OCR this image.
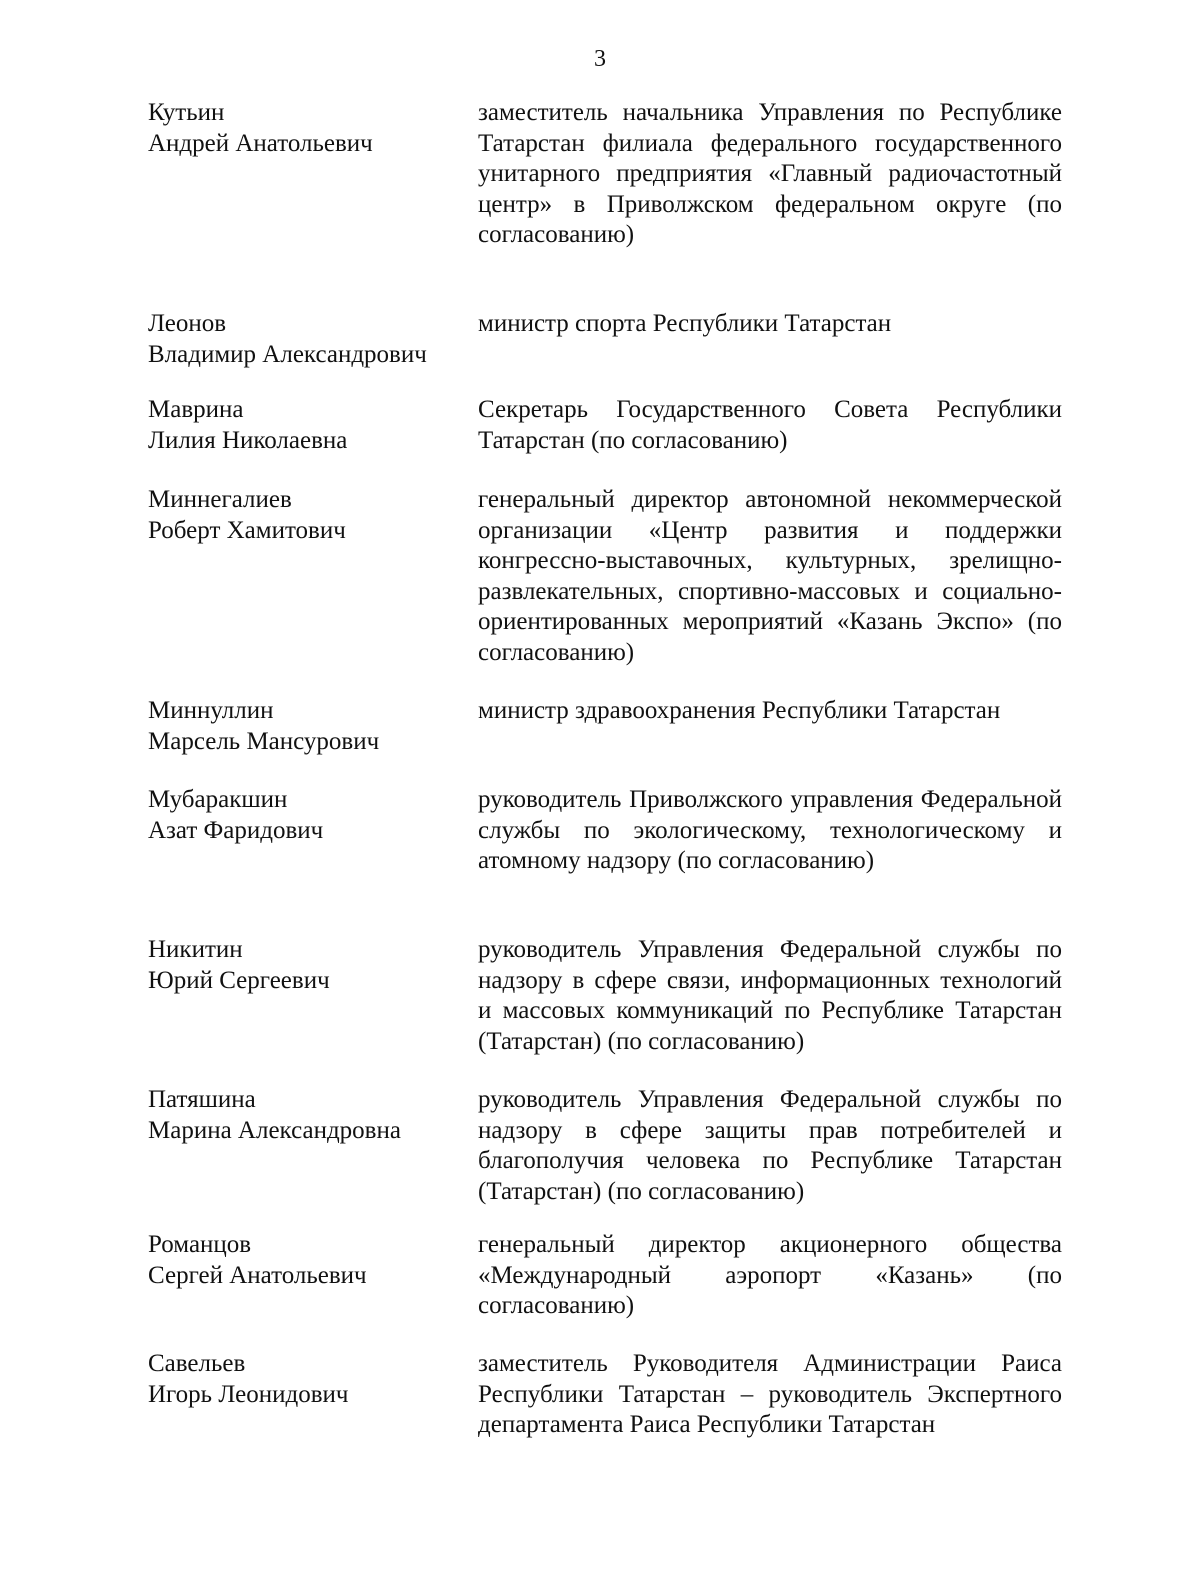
3
Кутьин
Андрей Анатольевич
заместитель начальника Управления по Республике Татарстан филиала федерального государственного унитарного предприятия «Главный радиочастотный центр» в Приволжском федеральном округе (по согласованию)
Леонов
Владимир Александрович
министр спорта Республики Татарстан
Маврина
Лилия Николаевна
Секретарь Государственного Совета Республики Татарстан (по согласованию)
Миннегалиев
Роберт Хамитович
генеральный директор автономной некоммерческой организации «Центр развития и поддержки конгрессно-выставочных, культурных, зрелищно-развлекательных, спортивно-массовых и социально-ориентированных мероприятий «Казань Экспо» (по согласованию)
Миннуллин
Марсель Мансурович
министр здравоохранения Республики Татарстан
Мубаракшин
Азат Фаридович
руководитель Приволжского управления Федеральной службы по экологическому, технологическому и атомному надзору (по согласованию)
Никитин
Юрий Сергеевич
руководитель Управления Федеральной службы по надзору в сфере связи, информационных технологий и массовых коммуникаций по Республике Татарстан (Татарстан) (по согласованию)
Патяшина
Марина Александровна
руководитель Управления Федеральной службы по надзору в сфере защиты прав потребителей и благополучия человека по Республике Татарстан (Татарстан) (по согласованию)
Романцов
Сергей Анатольевич
генеральный директор акционерного общества «Международный аэропорт «Казань» (по согласованию)
Савельев
Игорь Леонидович
заместитель Руководителя Администрации Раиса Республики Татарстан – руководитель Экспертного департамента Раиса Республики Татарстан
